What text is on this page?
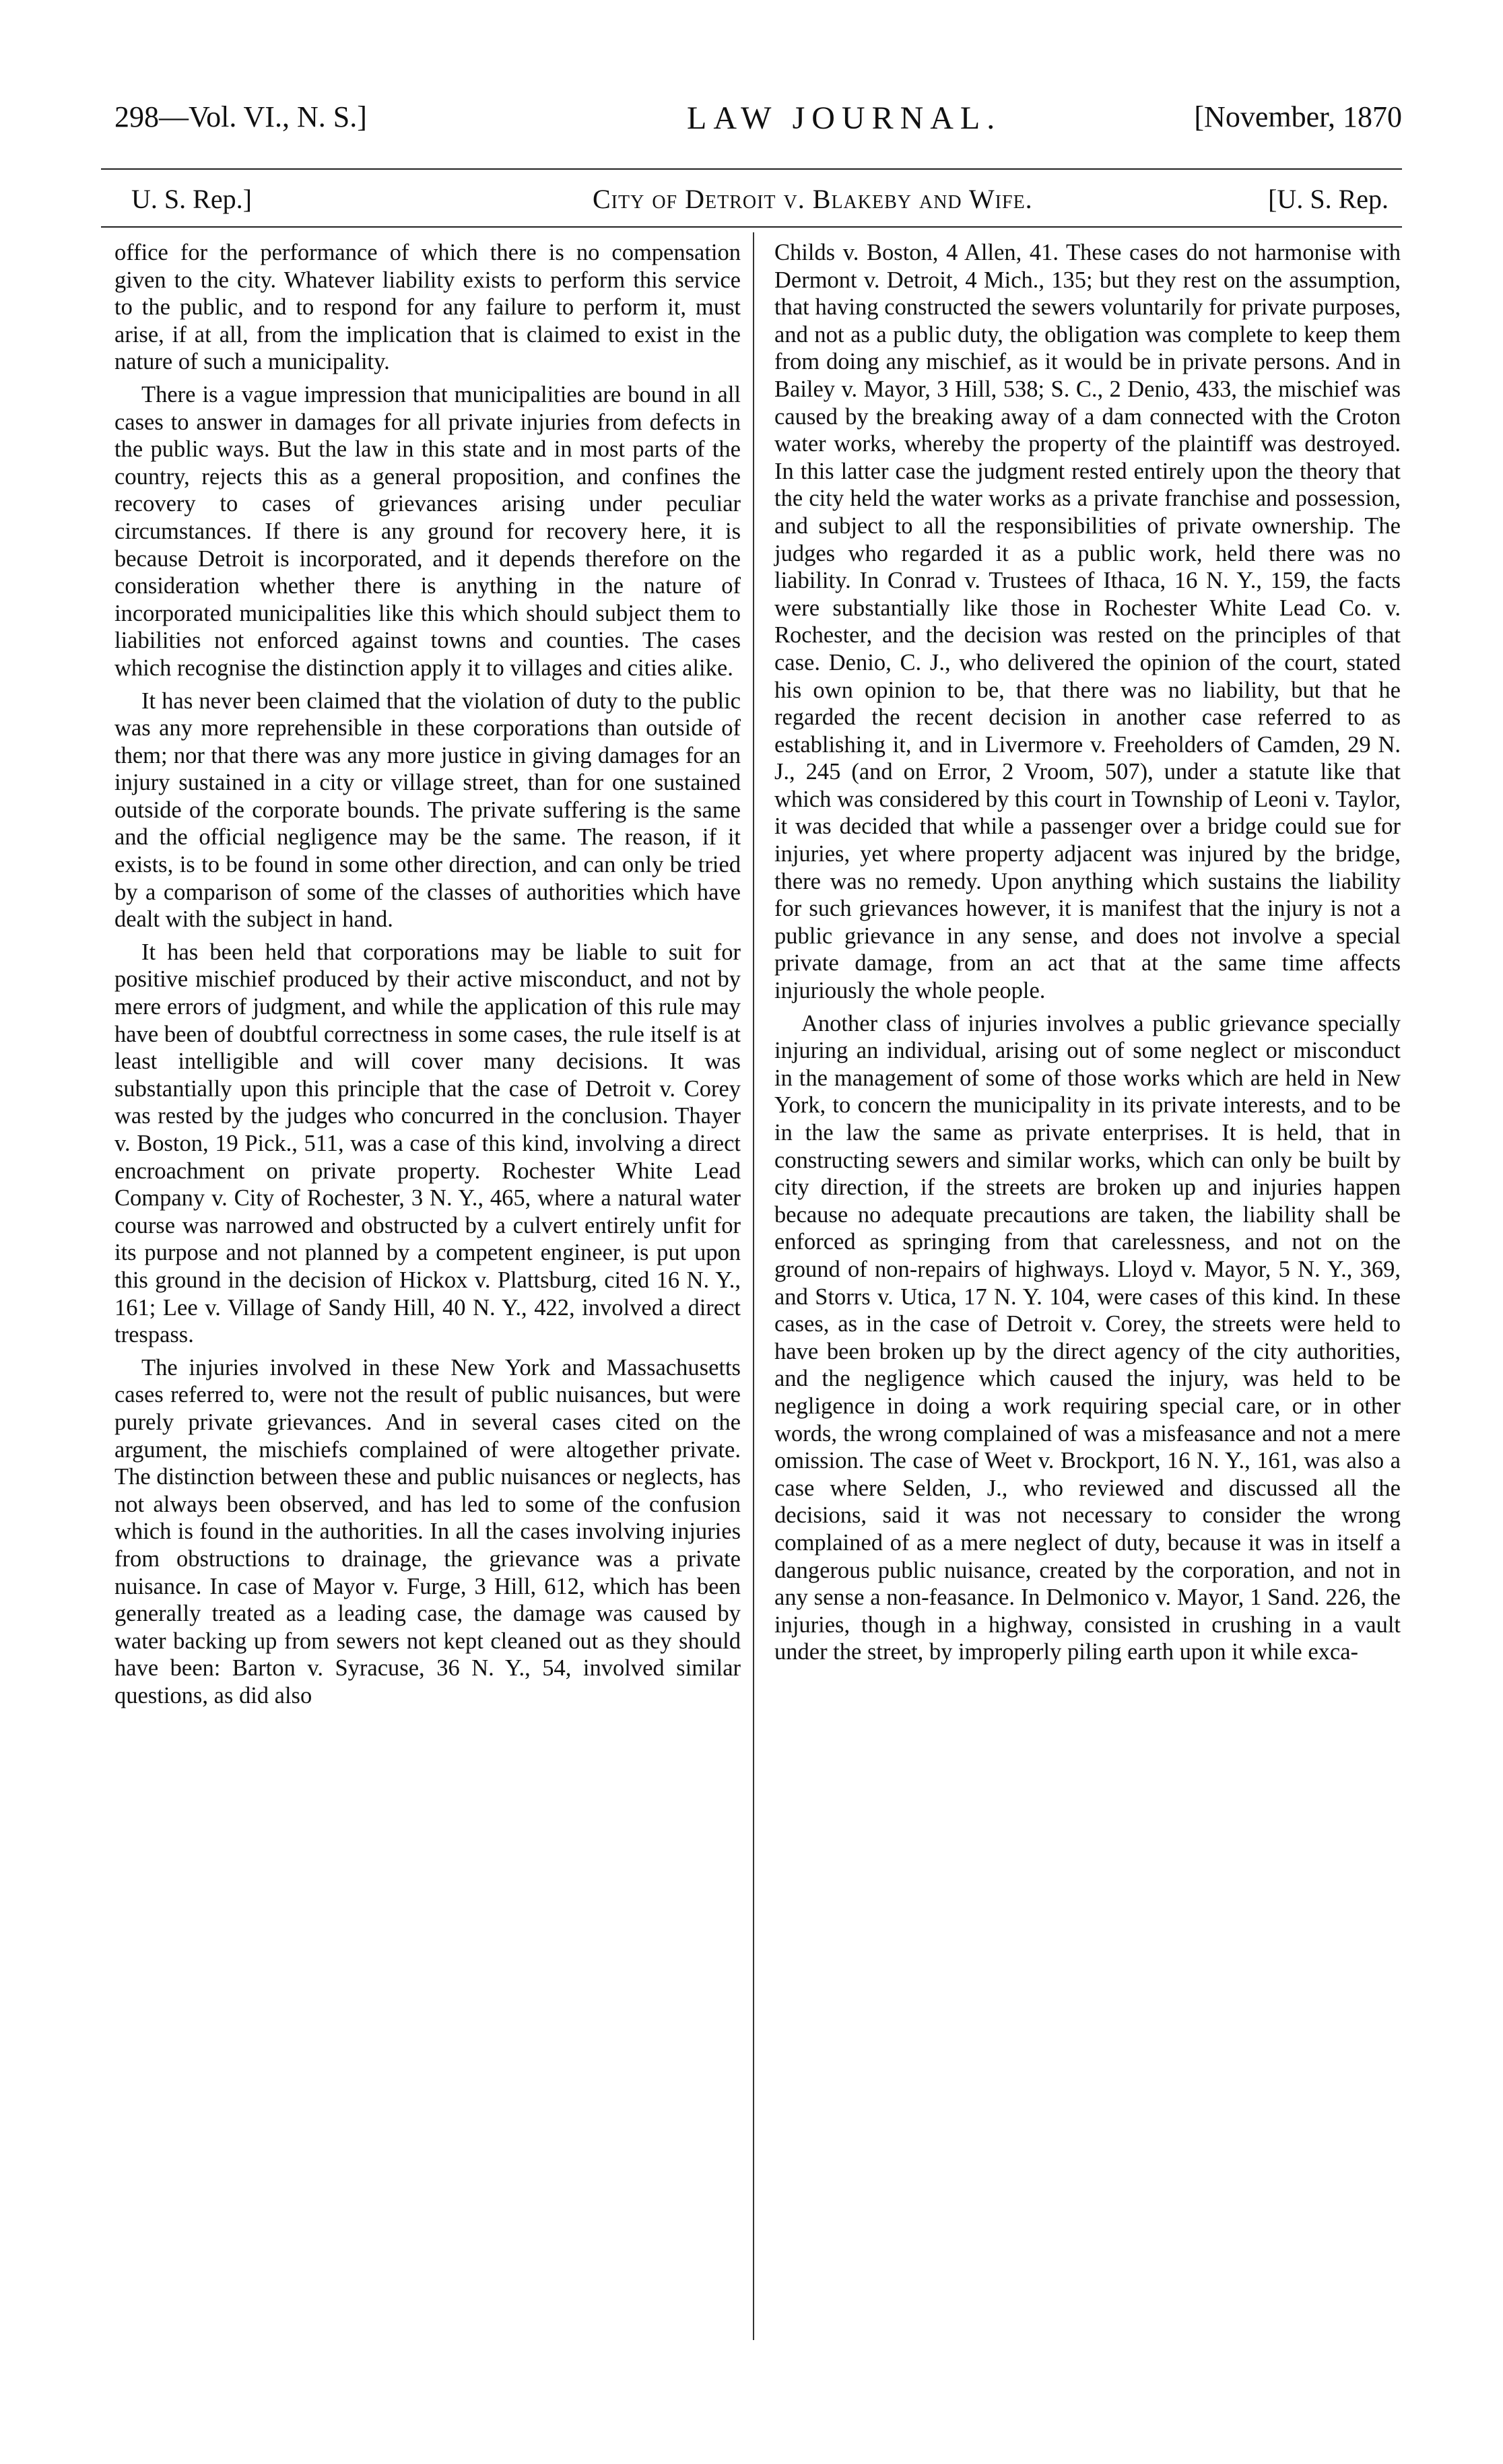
298—Vol. VI., N. S.]	LAW JOURNAL.	[November, 1870
U. S. Rep.]	City of Detroit v. Blakeby and Wife.	[U. S. Rep.

office for the performance of which there is no compensation given to the city. Whatever liability exists to perform this service to the public, and to respond for any failure to perform it, must arise, if at all, from the implication that is claimed to exist in the nature of such a municipality.

There is a vague impression that municipalities are bound in all cases to answer in damages for all private injuries from defects in the public ways. But the law in this state and in most parts of the country, rejects this as a general proposition, and confines the recovery to cases of grievances arising under peculiar circumstances. If there is any ground for recovery here, it is because Detroit is incorporated, and it depends therefore on the consideration whether there is anything in the nature of incorporated municipalities like this which should subject them to liabilities not enforced against towns and counties. The cases which recognise the distinction apply it to villages and cities alike.

It has never been claimed that the violation of duty to the public was any more reprehensible in these corporations than outside of them; nor that there was any more justice in giving damages for an injury sustained in a city or village street, than for one sustained outside of the corporate bounds. The private suffering is the same and the official negligence may be the same. The reason, if it exists, is to be found in some other direction, and can only be tried by a comparison of some of the classes of authorities which have dealt with the subject in hand.

It has been held that corporations may be liable to suit for positive mischief produced by their active misconduct, and not by mere errors of judgment, and while the application of this rule may have been of doubtful correctness in some cases, the rule itself is at least intelligible and will cover many decisions. It was substantially upon this principle that the case of Detroit v. Corey was rested by the judges who concurred in the conclusion. Thayer v. Boston, 19 Pick., 511, was a case of this kind, involving a direct encroachment on private property. Rochester White Lead Company v. City of Rochester, 3 N. Y., 465, where a natural water course was narrowed and obstructed by a culvert entirely unfit for its purpose and not planned by a competent engineer, is put upon this ground in the decision of Hickox v. Plattsburg, cited 16 N. Y., 161; Lee v. Village of Sandy Hill, 40 N. Y., 422, involved a direct trespass.

The injuries involved in these New York and Massachusetts cases referred to, were not the result of public nuisances, but were purely private grievances. And in several cases cited on the argument, the mischiefs complained of were altogether private. The distinction between these and public nuisances or neglects, has not always been observed, and has led to some of the confusion which is found in the authorities. In all the cases involving injuries from obstructions to drainage, the grievance was a private nuisance. In case of Mayor v. Furge, 3 Hill, 612, which has been generally treated as a leading case, the damage was caused by water backing up from sewers not kept cleaned out as they should have been: Barton v. Syracuse, 36 N. Y., 54, involved similar questions, as did also

Childs v. Boston, 4 Allen, 41. These cases do not harmonise with Dermont v. Detroit, 4 Mich., 135; but they rest on the assumption, that having constructed the sewers voluntarily for private purposes, and not as a public duty, the obligation was complete to keep them from doing any mischief, as it would be in private persons. And in Bailey v. Mayor, 3 Hill, 538; S. C., 2 Denio, 433, the mischief was caused by the breaking away of a dam connected with the Croton water works, whereby the property of the plaintiff was destroyed. In this latter case the judgment rested entirely upon the theory that the city held the water works as a private franchise and possession, and subject to all the responsibilities of private ownership. The judges who regarded it as a public work, held there was no liability. In Conrad v. Trustees of Ithaca, 16 N. Y., 159, the facts were substantially like those in Rochester White Lead Co. v. Rochester, and the decision was rested on the principles of that case. Denio, C. J., who delivered the opinion of the court, stated his own opinion to be, that there was no liability, but that he regarded the recent decision in another case referred to as establishing it, and in Livermore v. Freeholders of Camden, 29 N. J., 245 (and on Error, 2 Vroom, 507), under a statute like that which was considered by this court in Township of Leoni v. Taylor, it was decided that while a passenger over a bridge could sue for injuries, yet where property adjacent was injured by the bridge, there was no remedy. Upon anything which sustains the liability for such grievances however, it is manifest that the injury is not a public grievance in any sense, and does not involve a special private damage, from an act that at the same time affects injuriously the whole people.

Another class of injuries involves a public grievance specially injuring an individual, arising out of some neglect or misconduct in the management of some of those works which are held in New York, to concern the municipality in its private interests, and to be in the law the same as private enterprises. It is held, that in constructing sewers and similar works, which can only be built by city direction, if the streets are broken up and injuries happen because no adequate precautions are taken, the liability shall be enforced as springing from that carelessness, and not on the ground of non-repairs of highways. Lloyd v. Mayor, 5 N. Y., 369, and Storrs v. Utica, 17 N. Y. 104, were cases of this kind. In these cases, as in the case of Detroit v. Corey, the streets were held to have been broken up by the direct agency of the city authorities, and the negligence which caused the injury, was held to be negligence in doing a work requiring special care, or in other words, the wrong complained of was a misfeasance and not a mere omission. The case of Weet v. Brockport, 16 N. Y., 161, was also a case where Selden, J., who reviewed and discussed all the decisions, said it was not necessary to consider the wrong complained of as a mere neglect of duty, because it was in itself a dangerous public nuisance, created by the corporation, and not in any sense a non-feasance. In Delmonico v. Mayor, 1 Sand. 226, the injuries, though in a highway, consisted in crushing in a vault under the street, by improperly piling earth upon it while exca-
